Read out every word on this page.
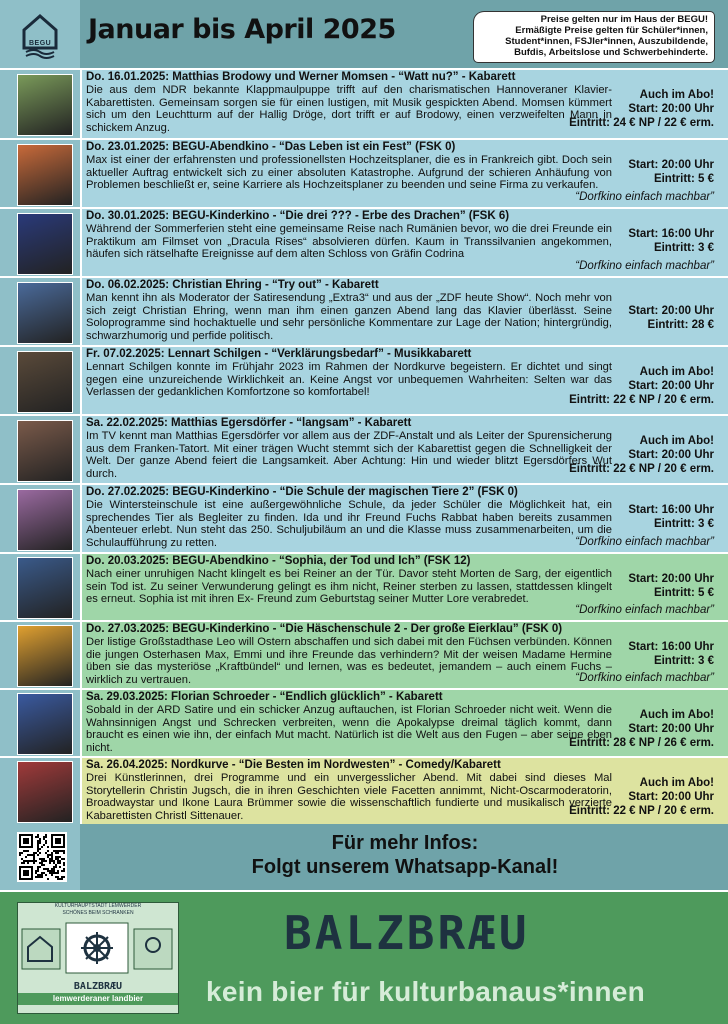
BEGU Januar bis April 2025	Preise gelten nur im Haus der BEGU!
Ermäßigte Preise gelten für Schüler*innen,
Student*innen, FSJler*innen, Auszubildende,
Bufdis, Arbeitslose und Schwerbehinderte.
Do. 16.01.2025: Matthias Brodowy und Werner Momsen - “Watt nu?” - Kabarett
Die aus dem NDR bekannte Klappmaulpuppe trifft auf den charismatischen Hannoveraner Klavier-Kabarettisten. Gemeinsam sorgen sie für einen lustigen, mit Musik gespickten Abend. Momsen kümmert sich um den Leuchtturm auf der Hallig Dröge, dort trifft er auf Brodowy, einen verzweifelten Mann in schickem Anzug.
Auch im Abo!
Start: 20:00 Uhr
Eintritt: 24 € NP / 22 € erm.
Do. 23.01.2025: BEGU-Abendkino - “Das Leben ist ein Fest” (FSK 0)
Max ist einer der erfahrensten und professionellsten Hochzeitsplaner, die es in Frankreich gibt. Doch sein aktueller Auftrag entwickelt sich zu einer absoluten Katastrophe. Aufgrund der schieren Anhäufung von Problemen beschließt er, seine Karriere als Hochzeitsplaner zu beenden und seine Firma zu verkaufen.
Start: 20:00 Uhr
Eintritt: 5 €
“Dorfkino einfach machbar”
Do. 30.01.2025: BEGU-Kinderkino - “Die drei ??? - Erbe des Drachen” (FSK 6)
Während der Sommerferien steht eine gemeinsame Reise nach Rumänien bevor, wo die drei Freunde ein Praktikum am Filmset von „Dracula Rises“ absolvieren dürfen. Kaum in Transsilvanien angekommen, häufen sich rätselhafte Ereignisse auf dem alten Schloss von Gräfin Codrina
Start: 16:00 Uhr
Eintritt: 3 €
“Dorfkino einfach machbar”
Do. 06.02.2025: Christian Ehring - “Try out” - Kabarett
Man kennt ihn als Moderator der Satiresendung „Extra3“ und aus der „ZDF heute Show“. Noch mehr von sich zeigt Christian Ehring, wenn man ihm einen ganzen Abend lang das Klavier überlässt. Seine Soloprogramme sind hochaktuelle und sehr persönliche Kommentare zur Lage der Nation; hintergründig, schwarzhumorig und perfide politisch.
Start: 20:00 Uhr
Eintritt: 28 €
Fr. 07.02.2025: Lennart Schilgen - “Verklärungsbedarf” - Musikkabarett
Lennart Schilgen konnte im Frühjahr 2023 im Rahmen der Nordkurve begeistern. Er dichtet und singt gegen eine unzureichende Wirklichkeit an. Keine Angst vor unbequemen Wahrheiten: Selten war das Verlassen der gedanklichen Komfortzone so komfortabel!
Auch im Abo!
Start: 20:00 Uhr
Eintritt: 22 € NP / 20 € erm.
Sa. 22.02.2025: Matthias Egersdörfer - “langsam” - Kabarett
Im TV kennt man Matthias Egersdörfer vor allem aus der ZDF-Anstalt und als Leiter der Spurensicherung aus dem Franken-Tatort. Mit einer trägen Wucht stemmt sich der Kabarettist gegen die Schnelligkeit der Welt. Der ganze Abend feiert die Langsamkeit. Aber Achtung: Hin und wieder blitzt Egersdörfers Wut durch.
Auch im Abo!
Start: 20:00 Uhr
Eintritt: 22 € NP / 20 € erm.
Do. 27.02.2025: BEGU-Kinderkino - “Die Schule der magischen Tiere 2” (FSK 0)
Die Wintersteinschule ist eine außergewöhnliche Schule, da jeder Schüler die Möglichkeit hat, ein sprechendes Tier als Begleiter zu finden. Ida und ihr Freund Fuchs Rabbat haben bereits zusammen Abenteuer erlebt. Nun steht das 250. Schuljubiläum an und die Klasse muss zusammenarbeiten, um die Schulaufführung zu retten.
Start: 16:00 Uhr
Eintritt: 3 €
“Dorfkino einfach machbar”
Do. 20.03.2025: BEGU-Abendkino - “Sophia, der Tod und Ich” (FSK 12)
Nach einer unruhigen Nacht klingelt es bei Reiner an der Tür. Davor steht Morten de Sarg, der eigentlich sein Tod ist. Zu seiner Verwunderung gelingt es ihm nicht, Reiner sterben zu lassen, stattdessen klingelt es erneut. Sophia ist mit ihren Ex- Freund zum Geburtstag seiner Mutter Lore verabredet.
Start: 20:00 Uhr
Eintritt: 5 €
“Dorfkino einfach machbar”
Do. 27.03.2025: BEGU-Kinderkino - “Die Häschenschule 2 - Der große Eierklau” (FSK 0)
Der listige Großstadthase Leo will Ostern abschaffen und sich dabei mit den Füchsen verbünden. Können die jungen Osterhasen Max, Emmi und ihre Freunde das verhindern? Mit der weisen Madame Hermine üben sie das mysteriöse „Kraftbündel“ und lernen, was es bedeutet, jemandem – auch einem Fuchs – wirklich zu vertrauen.
Start: 16:00 Uhr
Eintritt: 3 €
“Dorfkino einfach machbar”
Sa. 29.03.2025: Florian Schroeder - “Endlich glücklich” - Kabarett
Sobald in der ARD Satire und ein schicker Anzug auftauchen, ist Florian Schroeder nicht weit. Wenn die Wahnsinnigen Angst und Schrecken verbreiten, wenn die Apokalypse dreimal täglich kommt, dann braucht es einen wie ihn, der einfach Mut macht. Natürlich ist die Welt aus den Fugen – aber seine eben nicht.
Auch im Abo!
Start: 20:00 Uhr
Eintritt: 28 € NP / 26 € erm.
Sa. 26.04.2025: Nordkurve - “Die Besten im Nordwesten” - Comedy/Kabarett
Drei Künstlerinnen, drei Programme und ein unvergesslicher Abend. Mit dabei sind dieses Mal Storytellerin Christin Jugsch, die in ihren Geschichten viele Facetten annimmt, Nicht-Oscarmoderatorin, Broadwaystar und Ikone Laura Brümmer sowie die wissenschaftlich fundierte und musikalisch verzierte Kabarettisten Christl Sittenauer.
Auch im Abo!
Start: 20:00 Uhr
Eintritt: 22 € NP / 20 € erm.
Für mehr Infos:
Folgt unserem Whatsapp-Kanal!
KULTURHAUPTSTADT LEMWERDER
SCHÖNES BEIM SCHRANKEN
BALZBRÆU
lemwerderaner landbier
BALZBRÆU
kein bier für kulturbanaus*innen
